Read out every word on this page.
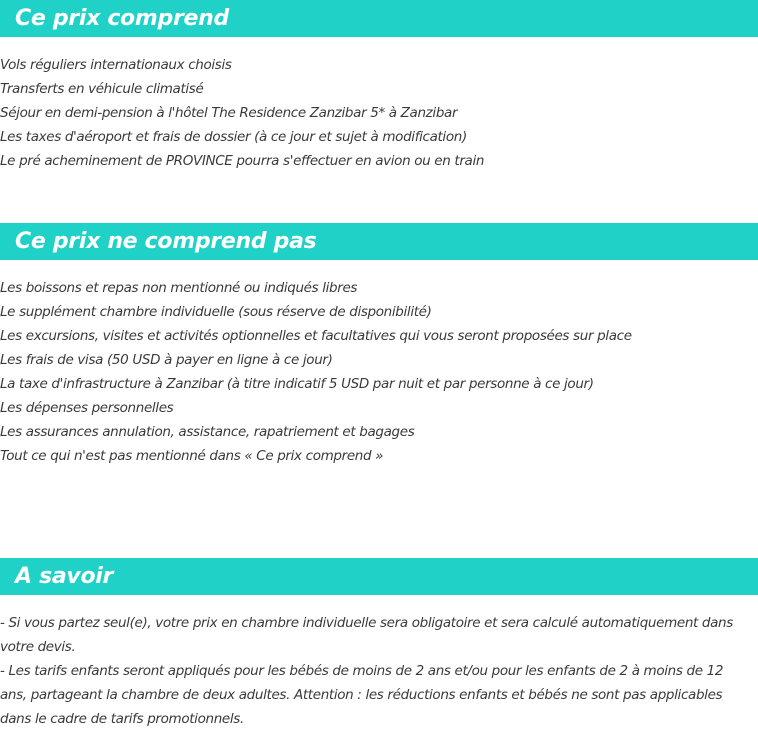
Ce prix comprend
Vols réguliers internationaux choisis
Transferts en véhicule climatisé
Séjour en demi-pension à l'hôtel The Residence Zanzibar 5* à Zanzibar
Les taxes d'aéroport et frais de dossier (à ce jour et sujet à modification)
Le pré acheminement de PROVINCE pourra s'effectuer en avion ou en train
Ce prix ne comprend pas
Les boissons et repas non mentionné ou indiqués libres
Le supplément chambre individuelle (sous réserve de disponibilité)
Les excursions, visites et activités optionnelles et facultatives qui vous seront proposées sur place
Les frais de visa (50 USD à payer en ligne à ce jour)
La taxe d'infrastructure à Zanzibar (à titre indicatif 5 USD par nuit et par personne à ce jour)
Les dépenses personnelles
Les assurances annulation, assistance, rapatriement et bagages
Tout ce qui n'est pas mentionné dans « Ce prix comprend »
A savoir

- Si vous partez seul(e), votre prix en chambre individuelle sera obligatoire et sera calculé automatiquement dans votre devis.

- Les tarifs enfants seront appliqués pour les bébés de moins de 2 ans et/ou pour les enfants de 2 à moins de 12 ans, partageant la chambre de deux adultes. Attention : les réductions enfants et bébés ne sont pas applicables dans le cadre de tarifs promotionnels.
